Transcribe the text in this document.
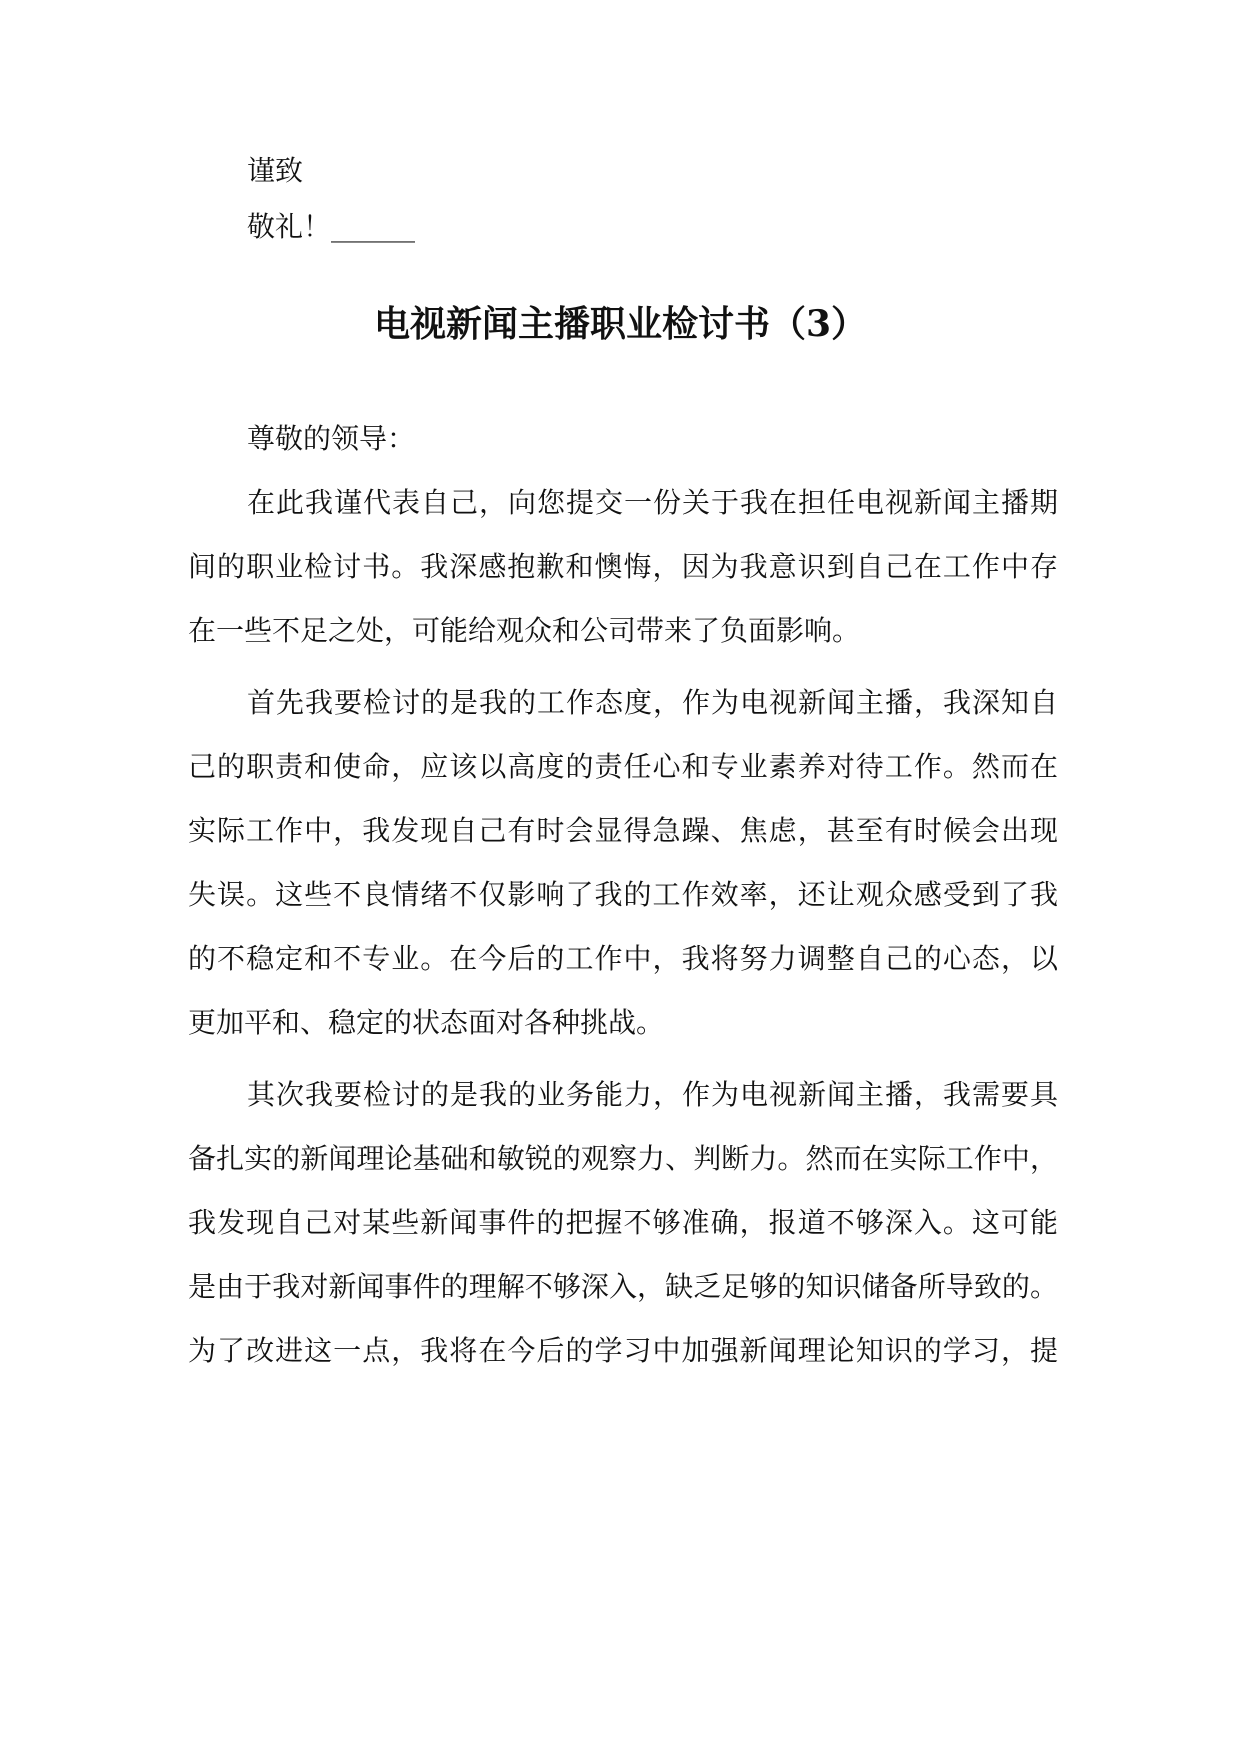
谨致
敬礼！______
电视新闻主播职业检讨书（3）
尊敬的领导：
在此我谨代表自己，向您提交一份关于我在担任电视新闻主播期
间的职业检讨书。我深感抱歉和懊悔，因为我意识到自己在工作中存
在一些不足之处，可能给观众和公司带来了负面影响。
首先我要检讨的是我的工作态度，作为电视新闻主播，我深知自
己的职责和使命，应该以高度的责任心和专业素养对待工作。然而在
实际工作中，我发现自己有时会显得急躁、焦虑，甚至有时候会出现
失误。这些不良情绪不仅影响了我的工作效率，还让观众感受到了我
的不稳定和不专业。在今后的工作中，我将努力调整自己的心态，以
更加平和、稳定的状态面对各种挑战。
其次我要检讨的是我的业务能力，作为电视新闻主播，我需要具
备扎实的新闻理论基础和敏锐的观察力、判断力。然而在实际工作中，
我发现自己对某些新闻事件的把握不够准确，报道不够深入。这可能
是由于我对新闻事件的理解不够深入，缺乏足够的知识储备所导致的。
为了改进这一点，我将在今后的学习中加强新闻理论知识的学习，提
